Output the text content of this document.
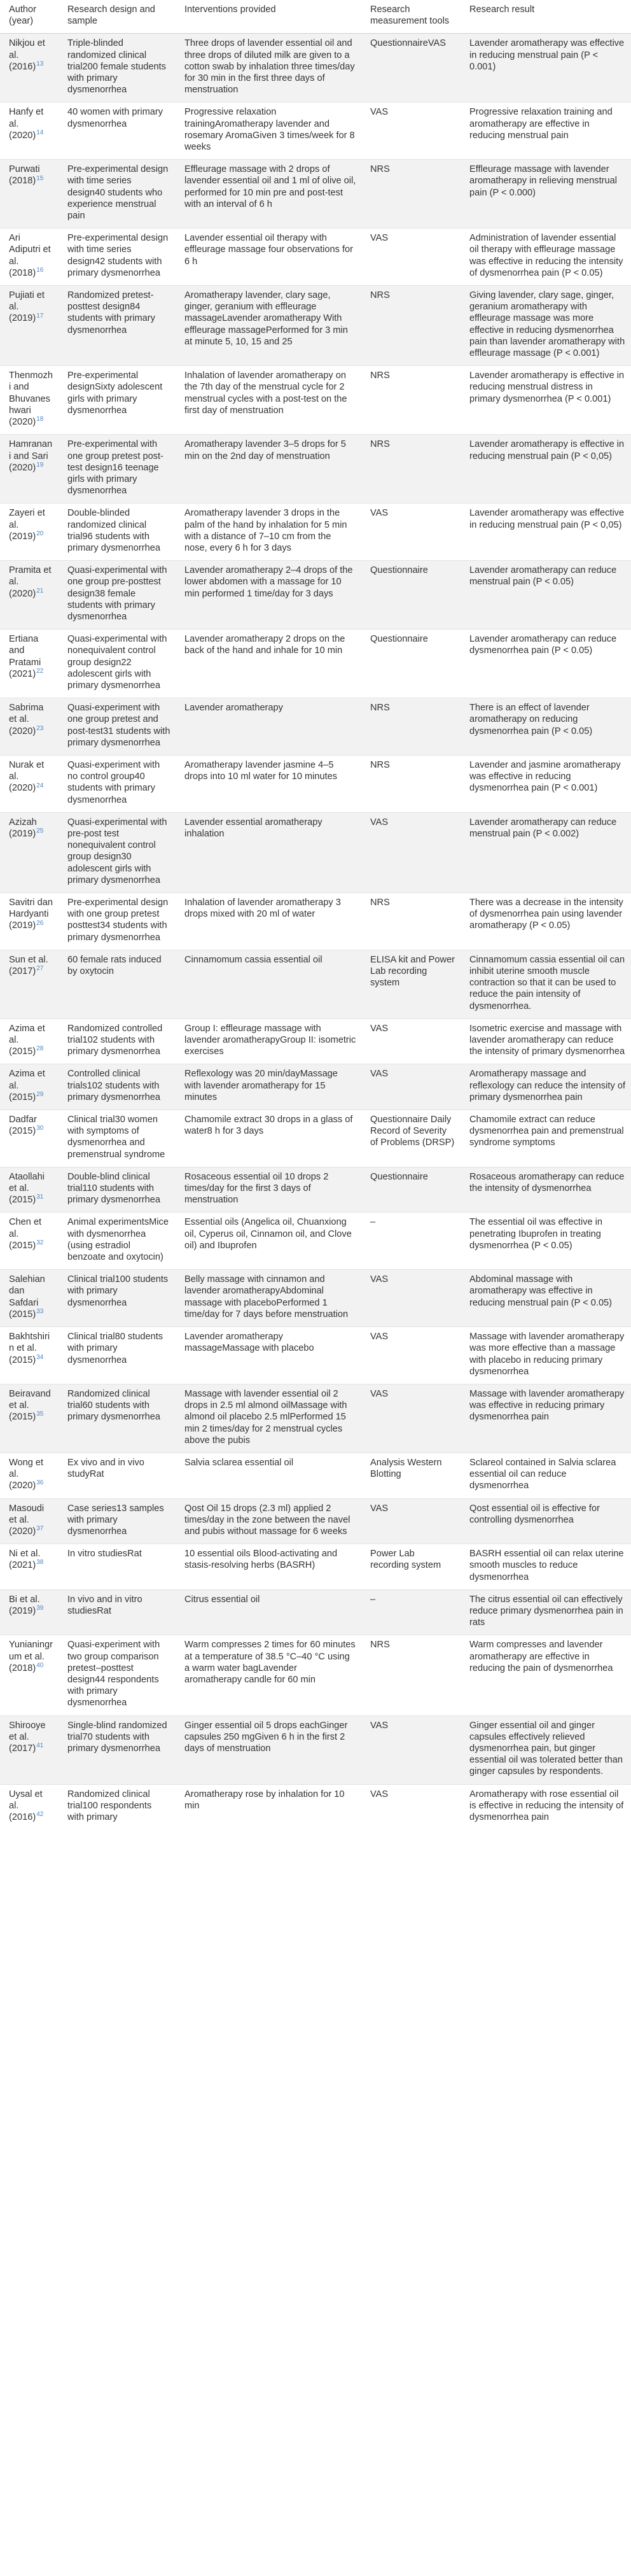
Author (year)	Research design and sample	Interventions provided	Research measurement tools	Research result
Nikjou et al. (2016)$^{13}$	Triple-blinded randomized clinical trial200 female students with primary dysmenorrhea	Three drops of lavender essential oil and three drops of diluted milk are given to a cotton swab by inhalation three times/day for 30 min in the first three days of menstruation	QuestionnaireVAS	Lavender aromatherapy was effective in reducing menstrual pain (P < 0.001)
Hanfy et al. (2020)$^{14}$	40 women with primary dysmenorrhea	Progressive relaxation trainingAromatherapy lavender and rosemary AromaGiven 3 times/week for 8 weeks	VAS	Progressive relaxation training and aromatherapy are effective in reducing menstrual pain
Purwati (2018)$^{15}$	Pre-experimental design with time series design40 students who experience menstrual pain	Effleurage massage with 2 drops of lavender essential oil and 1 ml of olive oil, performed for 10 min pre and post-test with an interval of 6 h	NRS	Effleurage massage with lavender aromatherapy in relieving menstrual pain (P < 0.000)
Ari Adiputri et al. (2018)$^{16}$	Pre-experimental design with time series design42 students with primary dysmenorrhea	Lavender essential oil therapy with effleurage massage four observations for 6 h	VAS	Administration of lavender essential oil therapy with effleurage massage was effective in reducing the intensity of dysmenorrhea pain (P < 0.05)
Pujiati et al. (2019)$^{17}$	Randomized pretest-posttest design84 students with primary dysmenorrhea	Aromatherapy lavender, clary sage, ginger, geranium with effleurage massageLavender aromatherapy With effleurage massagePerformed for 3 min at minute 5, 10, 15 and 25	NRS	Giving lavender, clary sage, ginger, geranium aromatherapy with effleurage massage was more effective in reducing dysmenorrhea pain than lavender aromatherapy with effleurage massage (P < 0.001)
Thenmozhi and Bhuvaneshwari (2020)$^{18}$	Pre-experimental designSixty adolescent girls with primary dysmenorrhea	Inhalation of lavender aromatherapy on the 7th day of the menstrual cycle for 2 menstrual cycles with a post-test on the first day of menstruation	NRS	Lavender aromatherapy is effective in reducing menstrual distress in primary dysmenorrhea (P < 0.001)
Hamranani and Sari (2020)$^{19}$	Pre-experimental with one group pretest post-test design16 teenage girls with primary dysmenorrhea	Aromatherapy lavender 3–5 drops for 5 min on the 2nd day of menstruation	NRS	Lavender aromatherapy is effective in reducing menstrual pain (P < 0,05)
Zayeri et al. (2019)$^{20}$	Double-blinded randomized clinical trial96 students with primary dysmenorrhea	Aromatherapy lavender 3 drops in the palm of the hand by inhalation for 5 min with a distance of 7–10 cm from the nose, every 6 h for 3 days	VAS	Lavender aromatherapy was effective in reducing menstrual pain (P < 0,05)
Pramita et al. (2020)$^{21}$	Quasi-experimental with one group pre-posttest design38 female students with primary dysmenorrhea	Lavender aromatherapy 2–4 drops of the lower abdomen with a massage for 10 min performed 1 time/day for 3 days	Questionnaire	Lavender aromatherapy can reduce menstrual pain (P < 0.05)
Ertiana and Pratami (2021)$^{22}$	Quasi-experimental with nonequivalent control group design22 adolescent girls with primary dysmenorrhea	Lavender aromatherapy 2 drops on the back of the hand and inhale for 10 min	Questionnaire	Lavender aromatherapy can reduce dysmenorrhea pain (P < 0.05)
Sabrima et al. (2020)$^{23}$	Quasi-experiment with one group pretest and post-test31 students with primary dysmenorrhea	Lavender aromatherapy	NRS	There is an effect of lavender aromatherapy on reducing dysmenorrhea pain (P < 0.05)
Nurak et al. (2020)$^{24}$	Quasi-experiment with no control group40 students with primary dysmenorrhea	Aromatherapy lavender jasmine 4–5 drops into 10 ml water for 10 minutes	NRS	Lavender and jasmine aromatherapy was effective in reducing dysmenorrhea pain (P < 0.001)
Azizah (2019)$^{25}$	Quasi-experimental with pre-post test nonequivalent control group design30 adolescent girls with primary dysmenorrhea	Lavender essential aromatherapy inhalation	VAS	Lavender aromatherapy can reduce menstrual pain (P < 0.002)
Savitri dan Hardyanti (2019)$^{26}$	Pre-experimental design with one group pretest posttest34 students with primary dysmenorrhea	Inhalation of lavender aromatherapy 3 drops mixed with 20 ml of water	NRS	There was a decrease in the intensity of dysmenorrhea pain using lavender aromatherapy (P < 0.05)
Sun et al. (2017)$^{27}$	60 female rats induced by oxytocin	Cinnamomum cassia essential oil	ELISA kit and Power Lab recording system	Cinnamomum cassia essential oil can inhibit uterine smooth muscle contraction so that it can be used to reduce the pain intensity of dysmenorrhea.
Azima et al. (2015)$^{28}$	Randomized controlled trial102 students with primary dysmenorrhea	Group I: effleurage massage with lavender aromatherapyGroup II: isometric exercises	VAS	Isometric exercise and massage with lavender aromatherapy can reduce the intensity of primary dysmenorrhea
Azima et al. (2015)$^{29}$	Controlled clinical trials102 students with primary dysmenorrhea	Reflexology was 20 min/dayMassage with lavender aromatherapy for 15 minutes	VAS	Aromatherapy massage and reflexology can reduce the intensity of primary dysmenorrhea pain
Dadfar (2015)$^{30}$	Clinical trial30 women with symptoms of dysmenorrhea and premenstrual syndrome	Chamomile extract 30 drops in a glass of water8 h for 3 days	Questionnaire Daily Record of Severity of Problems (DRSP)	Chamomile extract can reduce dysmenorrhea pain and premenstrual syndrome symptoms
Ataollahi et al. (2015)$^{31}$	Double-blind clinical trial110 students with primary dysmenorrhea	Rosaceous essential oil 10 drops 2 times/day for the first 3 days of menstruation	Questionnaire	Rosaceous aromatherapy can reduce the intensity of dysmenorrhea
Chen et al. (2015)$^{32}$	Animal experimentsMice with dysmenorrhea (using estradiol benzoate and oxytocin)	Essential oils (Angelica oil, Chuanxiong oil, Cyperus oil, Cinnamon oil, and Clove oil) and Ibuprofen	–	The essential oil was effective in penetrating Ibuprofen in treating dysmenorrhea (P < 0.05)
Salehian dan Safdari (2015)$^{33}$	Clinical trial100 students with primary dysmenorrhea	Belly massage with cinnamon and lavender aromatherapyAbdominal massage with placeboPerformed 1 time/day for 7 days before menstruation	VAS	Abdominal massage with aromatherapy was effective in reducing menstrual pain (P < 0.05)
Bakhtshirin et al. (2015)$^{34}$	Clinical trial80 students with primary dysmenorrhea	Lavender aromatherapy massageMassage with placebo	VAS	Massage with lavender aromatherapy was more effective than a massage with placebo in reducing primary dysmenorrhea
Beiravand et al. (2015)$^{35}$	Randomized clinical trial60 students with primary dysmenorrhea	Massage with lavender essential oil 2 drops in 2.5 ml almond oilMassage with almond oil placebo 2.5 mlPerformed 15 min 2 times/day for 2 menstrual cycles above the pubis	VAS	Massage with lavender aromatherapy was effective in reducing primary dysmenorrhea pain
Wong et al. (2020)$^{36}$	Ex vivo and in vivo studyRat	Salvia sclarea essential oil	Analysis Western Blotting	Sclareol contained in Salvia sclarea essential oil can reduce dysmenorrhea
Masoudi et al. (2020)$^{37}$	Case series13 samples with primary dysmenorrhea	Qost Oil 15 drops (2.3 ml) applied 2 times/day in the zone between the navel and pubis without massage for 6 weeks	VAS	Qost essential oil is effective for controlling dysmenorrhea
Ni et al. (2021)$^{38}$	In vitro studiesRat	10 essential oils Blood-activating and stasis-resolving herbs (BASRH)	Power Lab recording system	BASRH essential oil can relax uterine smooth muscles to reduce dysmenorrhea
Bi et al. (2019)$^{39}$	In vivo and in vitro studiesRat	Citrus essential oil	–	The citrus essential oil can effectively reduce primary dysmenorrhea pain in rats
Yunianingrum et al. (2018)$^{40}$	Quasi-experiment with two group comparison pretest–posttest design44 respondents with primary dysmenorrhea	Warm compresses 2 times for 60 minutes at a temperature of 38.5 °C–40 °C using a warm water bagLavender aromatherapy candle for 60 min	NRS	Warm compresses and lavender aromatherapy are effective in reducing the pain of dysmenorrhea
Shirooye et al. (2017)$^{41}$	Single-blind randomized trial70 students with primary dysmenorrhea	Ginger essential oil 5 drops eachGinger capsules 250 mgGiven 6 h in the first 2 days of menstruation	VAS	Ginger essential oil and ginger capsules effectively relieved dysmenorrhea pain, but ginger essential oil was tolerated better than ginger capsules by respondents.
Uysal et al. (2016)$^{42}$	Randomized clinical trial100 respondents with primary	Aromatherapy rose by inhalation for 10 min	VAS	Aromatherapy with rose essential oil is effective in reducing the intensity of dysmenorrhea pain
